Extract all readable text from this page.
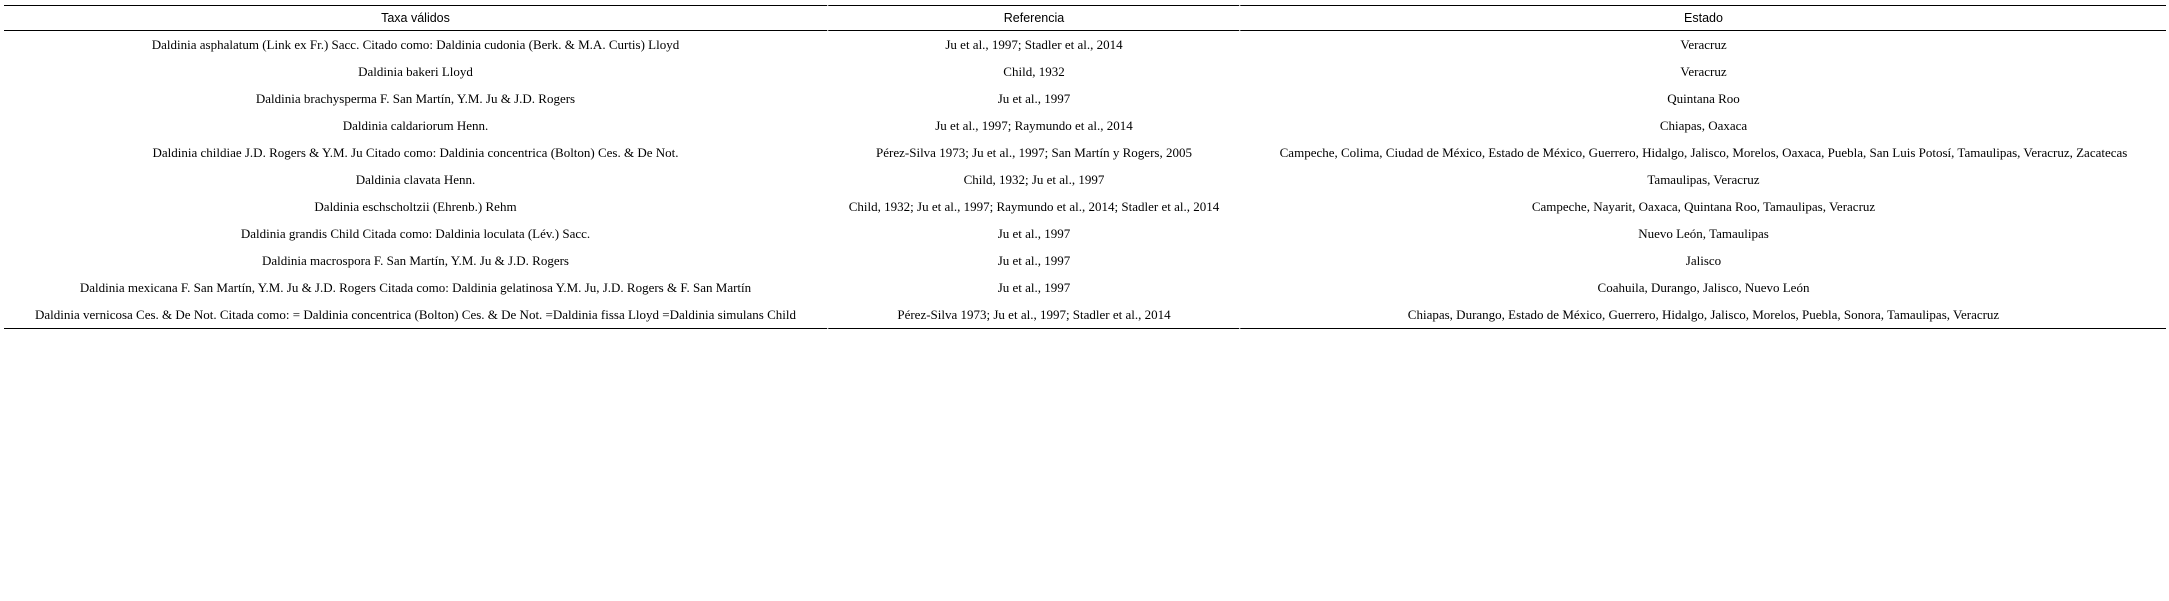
Taxa válidos	Referencia	Estado
Daldinia asphalatum (Link ex Fr.) Sacc. Citado como: Daldinia cudonia (Berk. & M.A. Curtis) Lloyd	Ju et al., 1997; Stadler et al., 2014	Veracruz
Daldinia bakeri Lloyd	Child, 1932	Veracruz
Daldinia brachysperma F. San Martín, Y.M. Ju & J.D. Rogers	Ju et al., 1997	Quintana Roo
Daldinia caldariorum Henn.	Ju et al., 1997; Raymundo et al., 2014	Chiapas, Oaxaca
Daldinia childiae J.D. Rogers & Y.M. Ju Citado como: Daldinia concentrica (Bolton) Ces. & De Not.	Pérez-Silva 1973; Ju et al., 1997; San Martín y Rogers, 2005	Campeche, Colima, Ciudad de México, Estado de México, Guerrero, Hidalgo, Jalisco, Morelos, Oaxaca, Puebla, San Luis Potosí, Tamaulipas, Veracruz, Zacatecas
Daldinia clavata Henn.	Child, 1932; Ju et al., 1997	Tamaulipas, Veracruz
Daldinia eschscholtzii (Ehrenb.) Rehm	Child, 1932; Ju et al., 1997; Raymundo et al., 2014; Stadler et al., 2014	Campeche, Nayarit, Oaxaca, Quintana Roo, Tamaulipas, Veracruz
Daldinia grandis Child Citada como: Daldinia loculata (Lév.) Sacc.	Ju et al., 1997	Nuevo León, Tamaulipas
Daldinia macrospora F. San Martín, Y.M. Ju & J.D. Rogers	Ju et al., 1997	Jalisco
Daldinia mexicana F. San Martín, Y.M. Ju & J.D. Rogers Citada como: Daldinia gelatinosa Y.M. Ju, J.D. Rogers & F. San Martín	Ju et al., 1997	Coahuila, Durango, Jalisco, Nuevo León
Daldinia vernicosa Ces. & De Not. Citada como: = Daldinia concentrica (Bolton) Ces. & De Not. =Daldinia fissa Lloyd =Daldinia simulans Child	Pérez-Silva 1973; Ju et al., 1997; Stadler et al., 2014	Chiapas, Durango, Estado de México, Guerrero, Hidalgo, Jalisco, Morelos, Puebla, Sonora, Tamaulipas, Veracruz
